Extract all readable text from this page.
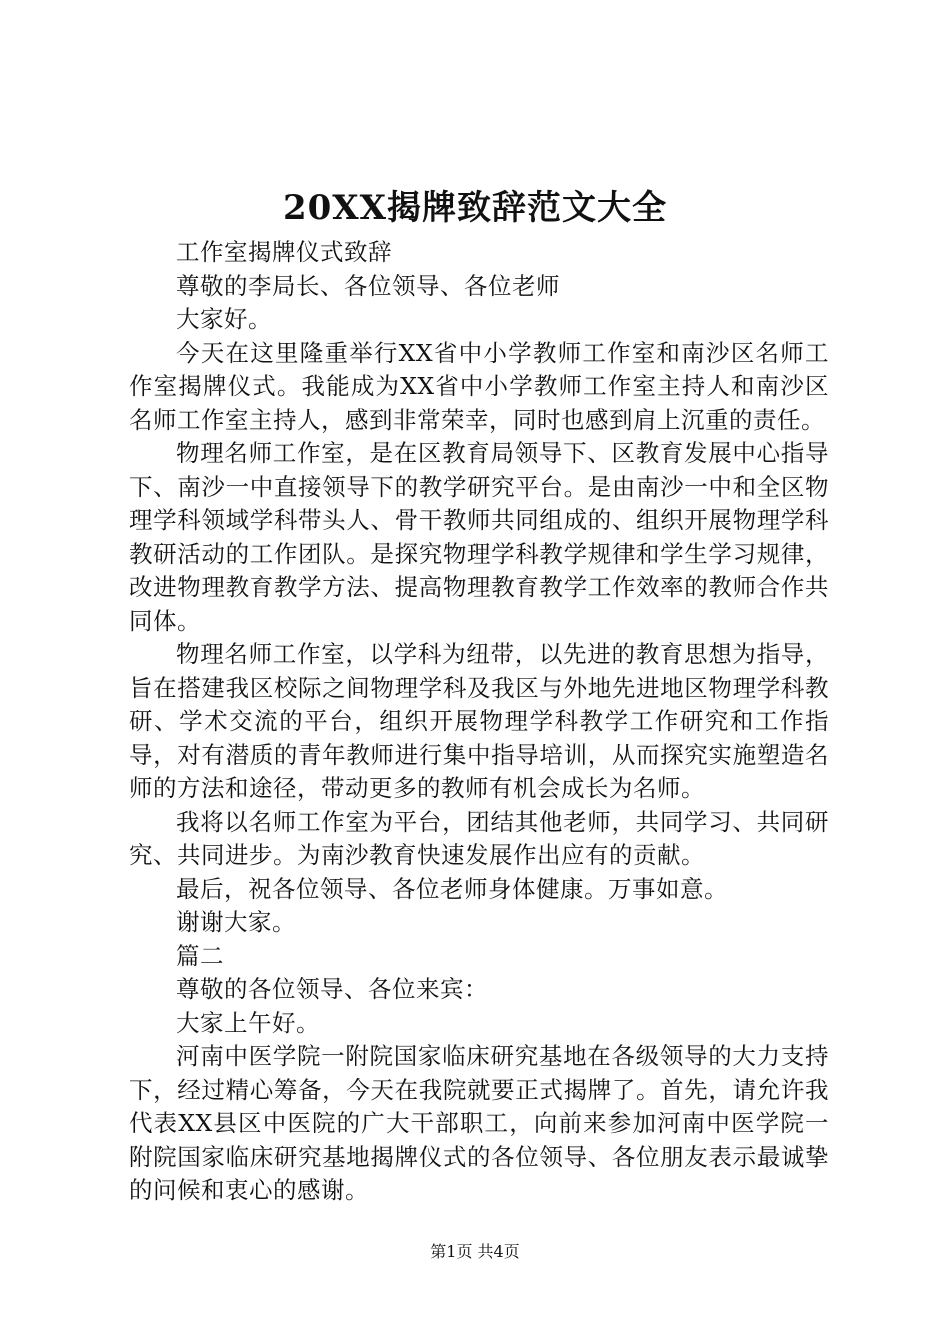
20XX揭牌致辞范文大全

工作室揭牌仪式致辞

尊敬的李局长、各位领导、各位老师

大家好。

今天在这里隆重举行XX省中小学教师工作室和南沙区名师工作室揭牌仪式。我能成为XX省中小学教师工作室主持人和南沙区名师工作室主持人，感到非常荣幸，同时也感到肩上沉重的责任。

物理名师工作室，是在区教育局领导下、区教育发展中心指导下、南沙一中直接领导下的教学研究平台。是由南沙一中和全区物理学科领域学科带头人、骨干教师共同组成的、组织开展物理学科教研活动的工作团队。是探究物理学科教学规律和学生学习规律，改进物理教育教学方法、提高物理教育教学工作效率的教师合作共同体。

物理名师工作室，以学科为纽带，以先进的教育思想为指导，旨在搭建我区校际之间物理学科及我区与外地先进地区物理学科教研、学术交流的平台，组织开展物理学科教学工作研究和工作指导，对有潜质的青年教师进行集中指导培训，从而探究实施塑造名师的方法和途径，带动更多的教师有机会成长为名师。

我将以名师工作室为平台，团结其他老师，共同学习、共同研究、共同进步。为南沙教育快速发展作出应有的贡献。

最后，祝各位领导、各位老师身体健康。万事如意。

谢谢大家。

篇二

尊敬的各位领导、各位来宾：

大家上午好。

河南中医学院一附院国家临床研究基地在各级领导的大力支持下，经过精心筹备，今天在我院就要正式揭牌了。首先，请允许我代表XX县区中医院的广大干部职工，向前来参加河南中医学院一附院国家临床研究基地揭牌仪式的各位领导、各位朋友表示最诚挚的问候和衷心的感谢。

第1页 共4页
